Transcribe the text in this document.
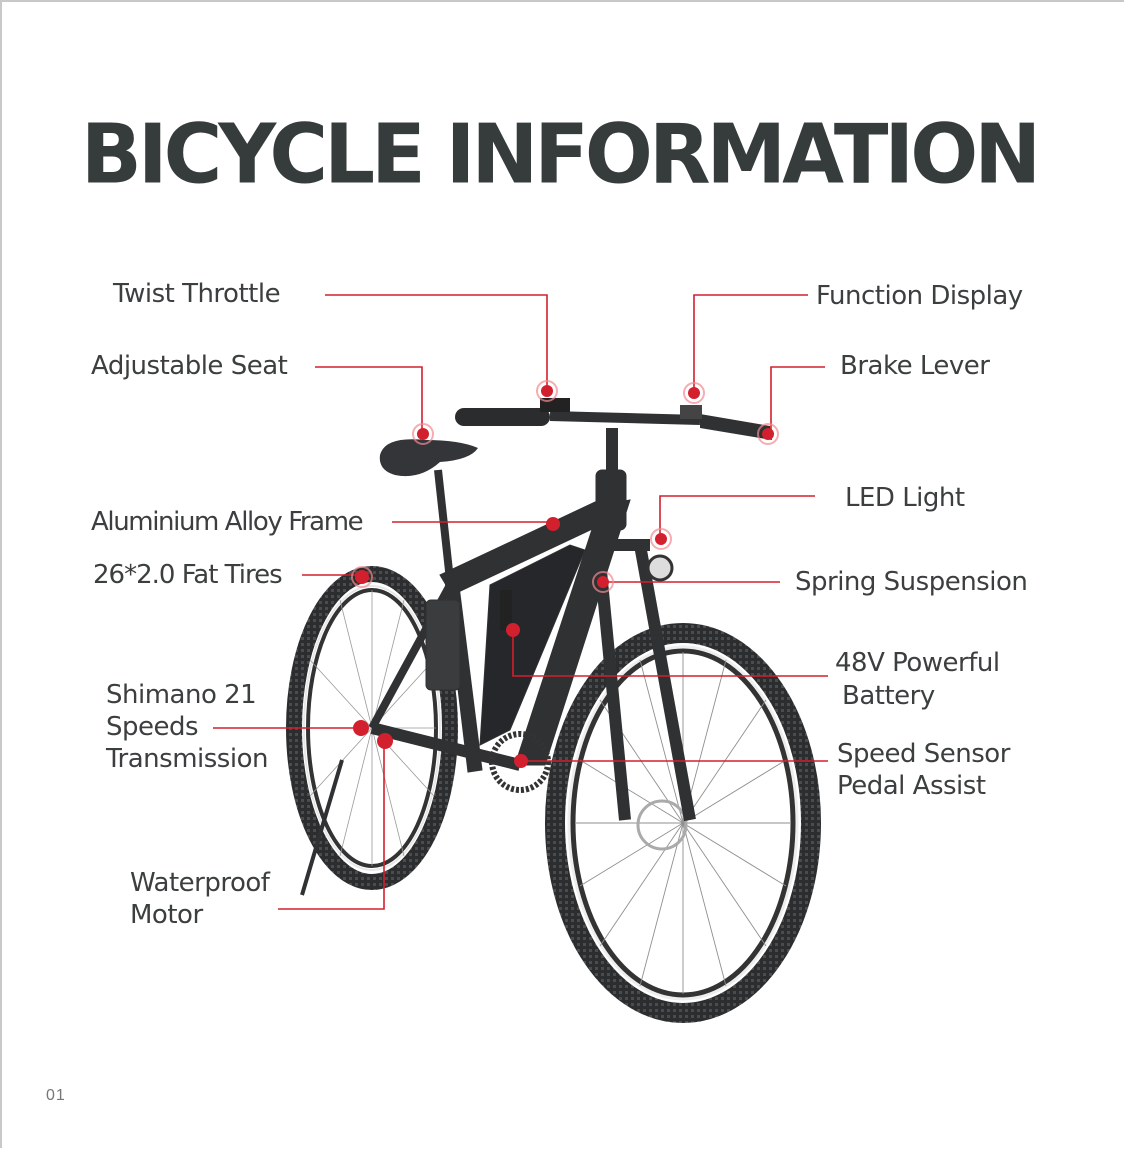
BICYCLE INFORMATION
Twist Throttle
Adjustable Seat
Aluminium Alloy Frame
26*2.0 Fat Tires
Shimano 21
Speeds
Transmission
Waterproof
Motor
Function Display
Brake Lever
LED Light
Spring Suspension
48V Powerful
Battery
Speed Sensor
Pedal Assist
01
